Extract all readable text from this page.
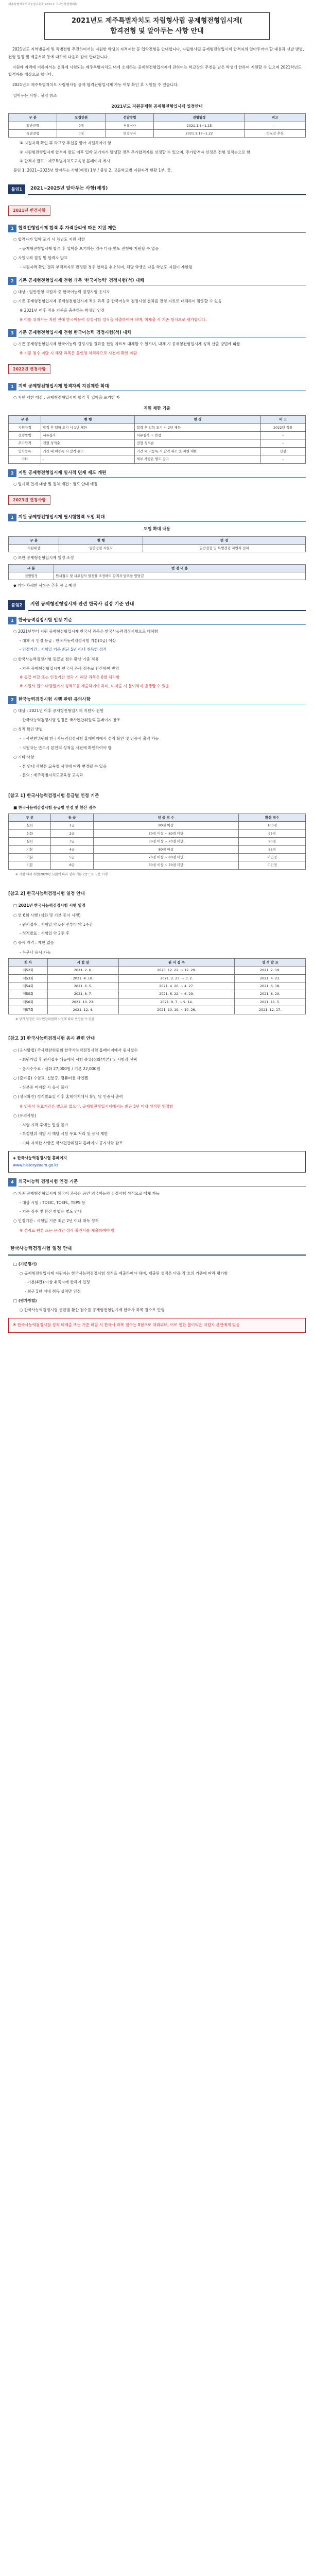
제주특별자치도교육청교육과 2021.1 고교입학전형계획
2021년도 제주특별자치도 자립형사립 공제형전형입시제(
합격전형 및 알아두는 사항 안내
2021년도 지역별공제 및 특별전형 추진하여서는 지원한 학생의 자격제한 등 입학전형을 안내합니다. 자립형사립 공제형전형입시제 합격자의 알아두어야 할 내용과 선발 방법, 전형 일정 및 제출서류 등에 대하여 다음과 같이 안내합니다.
지원에 자격에 이하여서는 결과에 시험되는 제주특별자치도 내에 소재하는 공제형전형입시제에 관하여는 학교장의 추천을 받은 학생에 한하여 지원할 수 있으며 2021학년도 합격자를 대상으로 합니다.
2021년도 제주특별자치도 자립형사립 공제 합격전형입시제 가능 여부 확인 후 지원할 수 있습니다.
알아두는 사항 : 붙임 참조
2021년도 지원공제형 공제형전형입시제 일정안내
구 분	모집인원	선발방법	전형일정	비고
일반전형	0명	서류심사	2021.1.8~1.15	-
특별전형	0명	면접심사	2021.1.18~1.22	학교장 추천
① 지원자격 확인 후 학교장 추천을 받아 지원하여야 함
② 지원형전형입시제 합격자 발표 이후 입학 포기자가 발생할 경우 추가합격자를 선정할 수 있으며, 추가합격자 선정은 전형 성적순으로 함
③ 합격자 발표 : 제주특별자치도교육청 홈페이지 게시
붙임 1. 2021~2025년 알아두는 사항(예정) 1부 / 붙임 2. 고등학교별 지원자격 현황 1부. 끝.
붙임1	2021~2025년 알아두는 사항(예정)
2021년 변경사항
1	합격전형입시제 합격 후 자격관리에 따른 지원 제한
○ 합격자가 입학 포기 시 차년도 지원 제한
- 공제형전형입시제 합격 후 입학을 포기하는 경우 다음 연도 전형에 지원할 수 없음
○ 지원자격 결정 및 합격자 발표
- 지원자격 확인 결과 부적격자로 판정된 경우 합격을 취소하며, 해당 학생은 다음 학년도 지원이 제한됨
2	기존 공제형전형입시제 전형 과목 '한국어능력' 검정시험(석) 대체
○ 대상 : 일반전형 지원자 중 한국어능력 검정시험 응시자
○ 기존 공제형전형입시제 공제형전형입시제 적용 과목 중 한국어능력 검정시험 결과를 전형 자료로 대체하여 활용할 수 있음
※ 2021년 이후 적용 기준을 충족하는 학생만 인정
※ 이를 위해서는 지원 전에 한국어능력 검정시험 성적을 제출하여야 하며, 미제출 시 기존 방식으로 평가합니다.
3	기준 공제형전형입시제 전형 한국어능력 검정시험(석) 대체
○ 기존 공제형전형입시제 한국어능력 검정시험 결과를 전형 자료로 대체할 수 있으며, 대체 시 공제형전형입시제 성적 산출 방법에 따름
※ 기준 점수 미달 시 해당 과목은 불인정 처리하므로 사전에 확인 바람
2022년 변경사항
1	지역 공제형전형입시제 합격자의 지원제한 확대
○ 지원 제한 대상 : 공제형전형입시제 합격 후 입학을 포기한 자
지원 제한 기준
구 분	현 행	변 경	비 고
지원자격	합격 후 입학 포기 시 1년 제한	합격 후 입학 포기 시 2년 제한	2022년 적용
전형방법	서류심사	서류심사 + 면접	-
추가합격	전형 성적순	전형 성적순	-
입학등록	기간 내 미등록 시 합격 취소	기간 내 미등록 시 합격 취소 및 지원 제한	신설
기타	-	세부 사항은 별도 공고	-
2	지원 공제형전형입시제 일시적 면제 제도 개편
○ 일시적 면제 대상 및 절차 개편 : 별도 안내 예정
2023년 변경사항
1	지원 공제형전형입시제 필시험합격 도입 확대
도입 확대 내용
구 분	현 행	변 경
지원대상	일반전형 지원자	일반전형 및 특별전형 지원자 전체
○ 보안 공제형전형입시제 일정 조정
구 분	변 경 내 용
전형일정	원서접수 및 서류심사 일정을 조정하여 합격자 발표를 앞당김
◆ 기타 자세한 사항은 추후 공고 예정
붙임2	지원 공제형전형입시제 관련 한국사 검정 기준 안내
1	한국능력검정시험 인정 기준
○ 2021년부터 지원 공제형전형입시제 한국사 과목은 한국사능력검정시험으로 대체함
- 대체 시 인정 등급 : 한국사능력검정시험 기본(4급) 이상
- 인정기간 : 시험일 기준 최근 5년 이내 취득한 성적
○ 한국사능력검정시험 등급별 점수 환산 기준 적용
- 기존 공제형전형입시제 한국사 과목 점수로 환산하여 반영
※ 등급 미달 또는 인정기간 경과 시 해당 과목은 0점 처리함
※ 지원서 접수 마감일까지 성적표를 제출하여야 하며, 미제출 시 불이익이 발생할 수 있음
2	한국능력검정시험 시행 관련 유의사항
○ 대상 : 2021년 이후 공제형전형입시제 지원자 전원
- 한국사능력검정시험 일정은 국사편찬위원회 홈페이지 참조
○ 성적 확인 방법
- 국사편찬위원회 한국사능력검정시험 홈페이지에서 성적 확인 및 인증서 출력 가능
- 지원자는 반드시 본인의 성적을 사전에 확인하여야 함
○ 기타 사항
- 본 안내 사항은 교육청 사정에 따라 변경될 수 있음
- 문의 : 제주특별자치도교육청 교육과
[참고 1] 한국사능력검정시험 등급별 인정 기준
■ 한국사능력검정시험 등급별 인정 및 환산 점수
구 분	등 급	인 증 점 수	환산 점수
심화	1급	80점 이상	100점
심화	2급	70점 이상 ~ 80점 미만	95점
심화	3급	60점 이상 ~ 70점 미만	90점
기본	4급	80점 이상	85점
기본	5급	70점 이상 ~ 80점 미만	미인정
기본	6급	60점 이상 ~ 70점 미만	미인정
※ 시험 체제 개편(2020년 5월)에 따라 심화·기본 2종으로 구분 시행
[참고 2] 한국사능력검정시험 일정 안내
□ 2021년 한국사능력검정시험 시행 일정
○ 연 6회 시행 (심화 및 기본 동시 시행)
- 원서접수 : 시험일 약 6주 전부터 약 1주간
- 성적발표 : 시험일 약 2주 후
○ 응시 자격 : 제한 없음
- 누구나 응시 가능
회 차	시 험 일	원 서 접 수	성 적 발 표
제52회	2021. 2. 6.	2020. 12. 22. ~ 12. 29.	2021. 2. 19.
제53회	2021. 4. 10.	2021. 2. 23. ~ 3. 2.	2021. 4. 23.
제54회	2021. 6. 5.	2021. 4. 20. ~ 4. 27.	2021. 6. 18.
제55회	2021. 8. 7.	2021. 6. 22. ~ 6. 29.	2021. 8. 20.
제56회	2021. 10. 23.	2021. 9. 7. ~ 9. 14.	2021. 11. 5.
제57회	2021. 12. 4.	2021. 10. 19. ~ 10. 26.	2021. 12. 17.
※ 상기 일정은 국사편찬위원회 사정에 따라 변경될 수 있음
[참고 3] 한국사능력검정시험 응시 관련 안내
○ (응시방법) 국사편찬위원회 한국사능력검정시험 홈페이지에서 원서접수
- 회원가입 후 원서접수 메뉴에서 시험 종류(심화/기본) 및 시험장 선택
- 응시수수료 : 심화 27,000원 / 기본 22,000원
○ (준비물) 수험표, 신분증, 컴퓨터용 사인펜
- 신분증 미지참 시 응시 불가
○ (성적확인) 성적발표일 이후 홈페이지에서 확인 및 인증서 출력
※ 인증서 유효기간은 별도로 없으나, 공제형전형입시제에서는 최근 5년 이내 성적만 인정함
○ (유의사항)
- 시험 시작 후에는 입실 불가
- 부정행위 적발 시 해당 시험 무효 처리 및 응시 제한
- 기타 자세한 사항은 국사편찬위원회 홈페이지 공지사항 참조
◈ 한국사능력검정시험 홈페이지
www.historyexam.go.kr
4	외국어능력 검정시험 인정 기준
○ 기존 공제형전형입시제 외국어 과목은 공인 외국어능력 검정시험 성적으로 대체 가능
- 대상 시험 : TOEIC, TOEFL, TEPS 등
- 기준 점수 및 환산 방법은 별도 안내
○ 인정기간 : 시험일 기준 최근 2년 이내 취득 성적
※ 성적표 원본 또는 온라인 성적 확인서를 제출하여야 함
한국사능력검정시험 일정 안내
□ (기준평가)
○ 공제형전형입시제 지원자는 한국사능력검정시험 성적을 제출하여야 하며, 제출된 성적은 다음 각 호의 기준에 따라 평가함
- 기본(4급) 이상 취득자에 한하여 인정
- 최근 5년 이내 취득 성적만 인정
□ (평가방법)
○ 한국사능력검정시험 등급별 환산 점수를 공제형전형입시제 한국사 과목 점수로 반영
※ 한국사능력검정시험 성적 미제출 또는 기준 미달 시 한국사 과목 점수는 0점으로 처리되며, 이로 인한 불이익은 지원자 본인에게 있음
